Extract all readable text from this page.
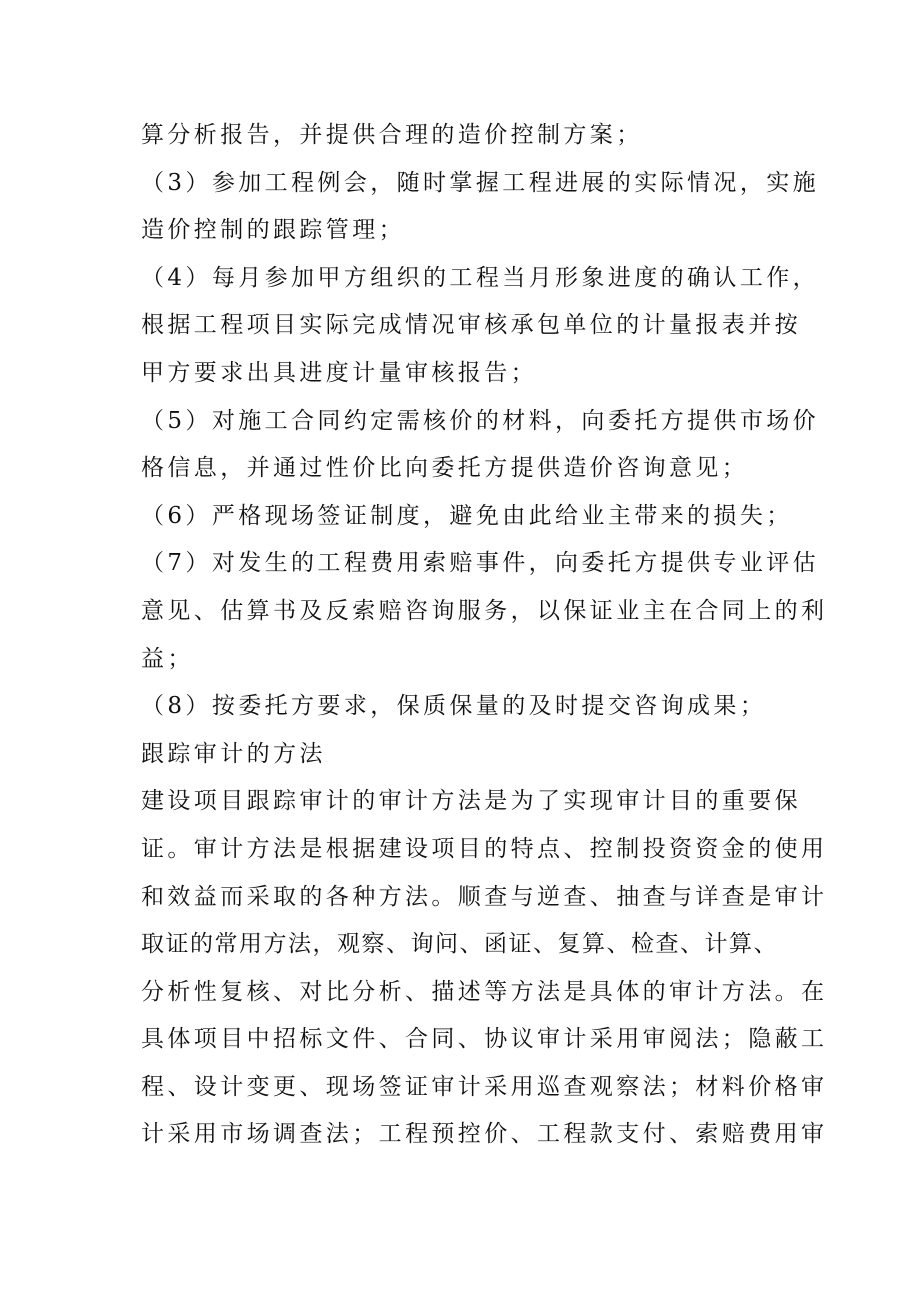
算分析报告，并提供合理的造价控制方案；
（3）参加工程例会，随时掌握工程进展的实际情况，实施
造价控制的跟踪管理；
（4）每月参加甲方组织的工程当月形象进度的确认工作，
根据工程项目实际完成情况审核承包单位的计量报表并按
甲方要求出具进度计量审核报告；
（5）对施工合同约定需核价的材料，向委托方提供市场价
格信息，并通过性价比向委托方提供造价咨询意见；
（6）严格现场签证制度，避免由此给业主带来的损失；
（7）对发生的工程费用索赔事件，向委托方提供专业评估
意见、估算书及反索赔咨询服务，以保证业主在合同上的利
益；
（8）按委托方要求，保质保量的及时提交咨询成果；
跟踪审计的方法
建设项目跟踪审计的审计方法是为了实现审计目的重要保
证。审计方法是根据建设项目的特点、控制投资资金的使用
和效益而采取的各种方法。顺查与逆查、抽查与详查是审计
取证的常用方法，观察、询问、函证、复算、检查、计算、
分析性复核、对比分析、描述等方法是具体的审计方法。在
具体项目中招标文件、合同、协议审计采用审阅法；隐蔽工
程、设计变更、现场签证审计采用巡查观察法；材料价格审
计采用市场调查法；工程预控价、工程款支付、索赔费用审
